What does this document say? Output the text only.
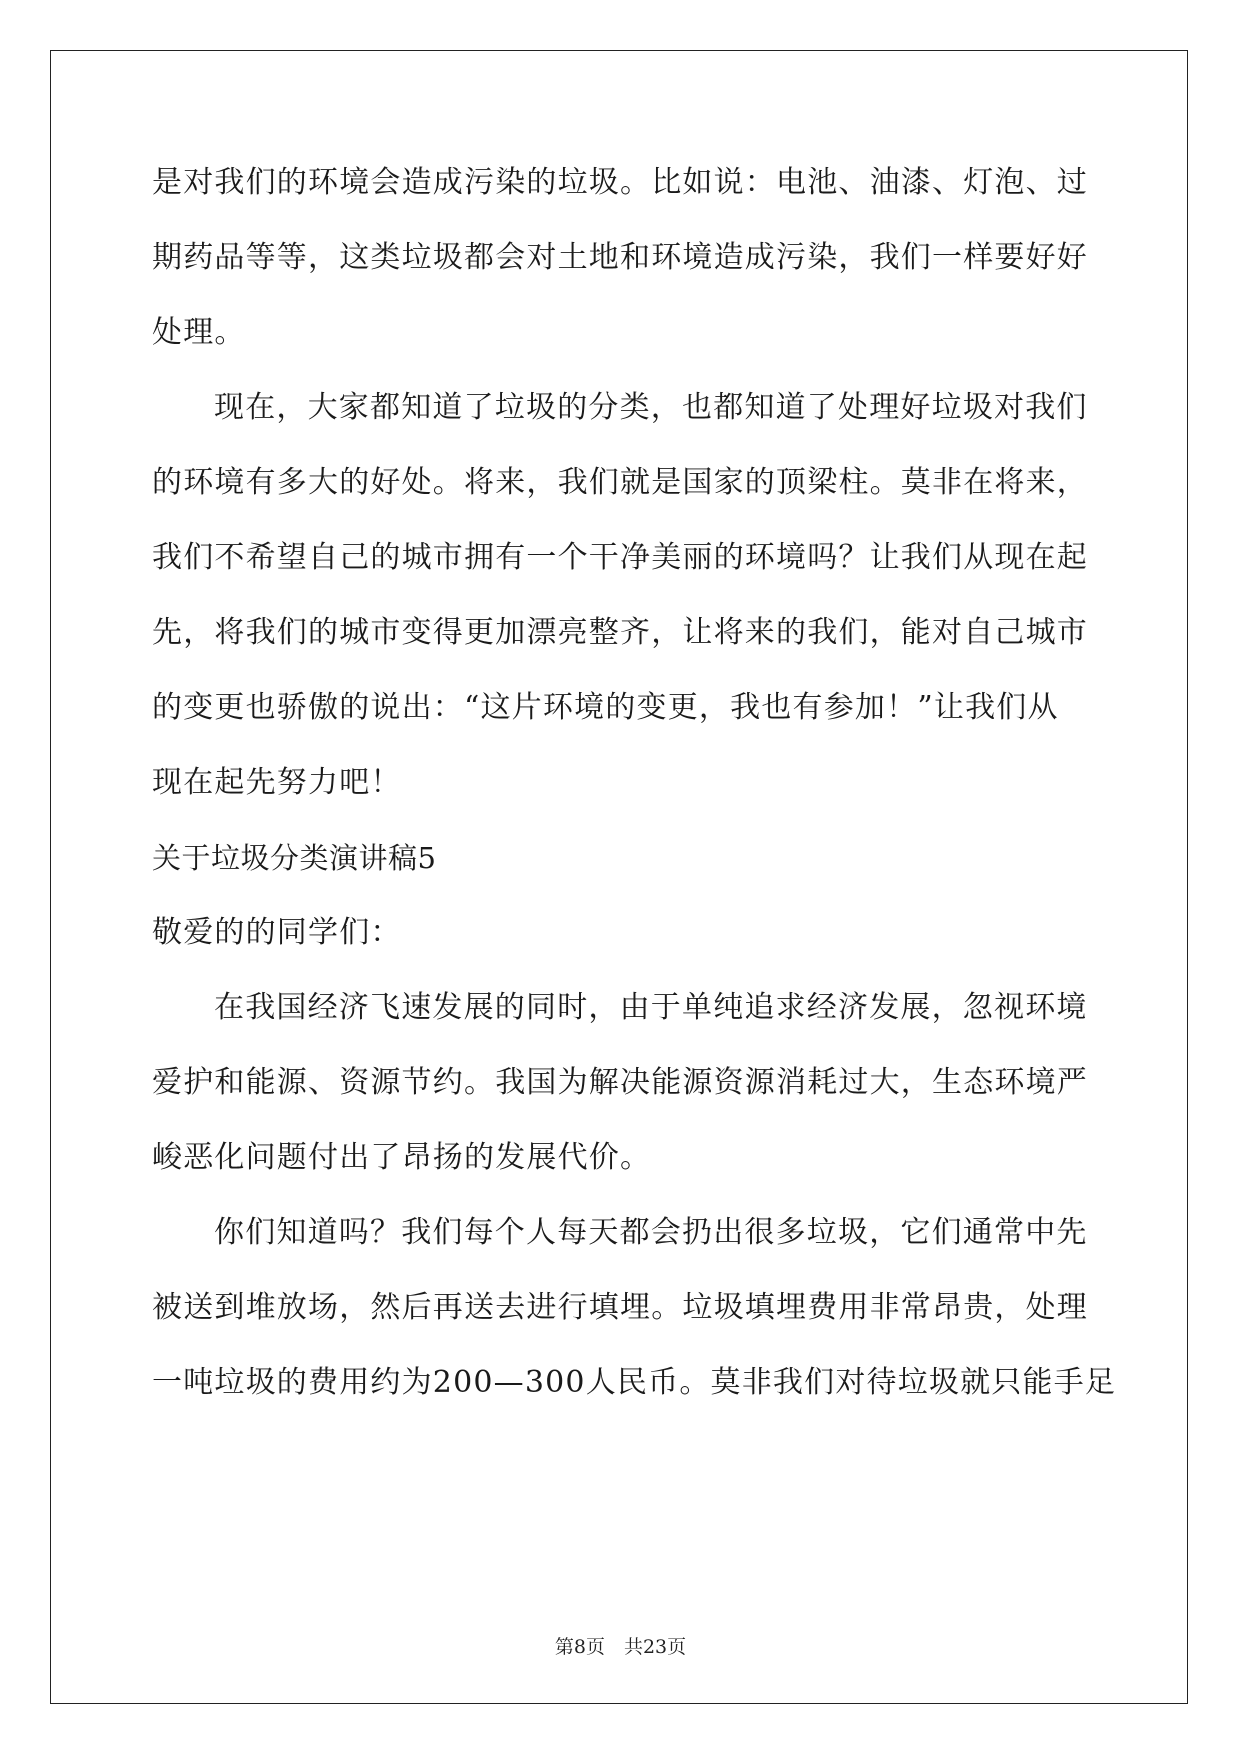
是对我们的环境会造成污染的垃圾。比如说：电池、油漆、灯泡、过
期药品等等，这类垃圾都会对土地和环境造成污染，我们一样要好好
处理。
现在，大家都知道了垃圾的分类，也都知道了处理好垃圾对我们
的环境有多大的好处。将来，我们就是国家的顶梁柱。莫非在将来，
我们不希望自己的城市拥有一个干净美丽的环境吗？让我们从现在起
先，将我们的城市变得更加漂亮整齐，让将来的我们，能对自己城市
的变更也骄傲的说出：“这片环境的变更，我也有参加！”让我们从
现在起先努力吧！
关于垃圾分类演讲稿5
敬爱的的同学们：
在我国经济飞速发展的同时，由于单纯追求经济发展，忽视环境
爱护和能源、资源节约。我国为解决能源资源消耗过大，生态环境严
峻恶化问题付出了昂扬的发展代价。
你们知道吗？我们每个人每天都会扔出很多垃圾，它们通常中先
被送到堆放场，然后再送去进行填埋。垃圾填埋费用非常昂贵，处理
一吨垃圾的费用约为200—300人民币。莫非我们对待垃圾就只能手足
第8页　共23页
